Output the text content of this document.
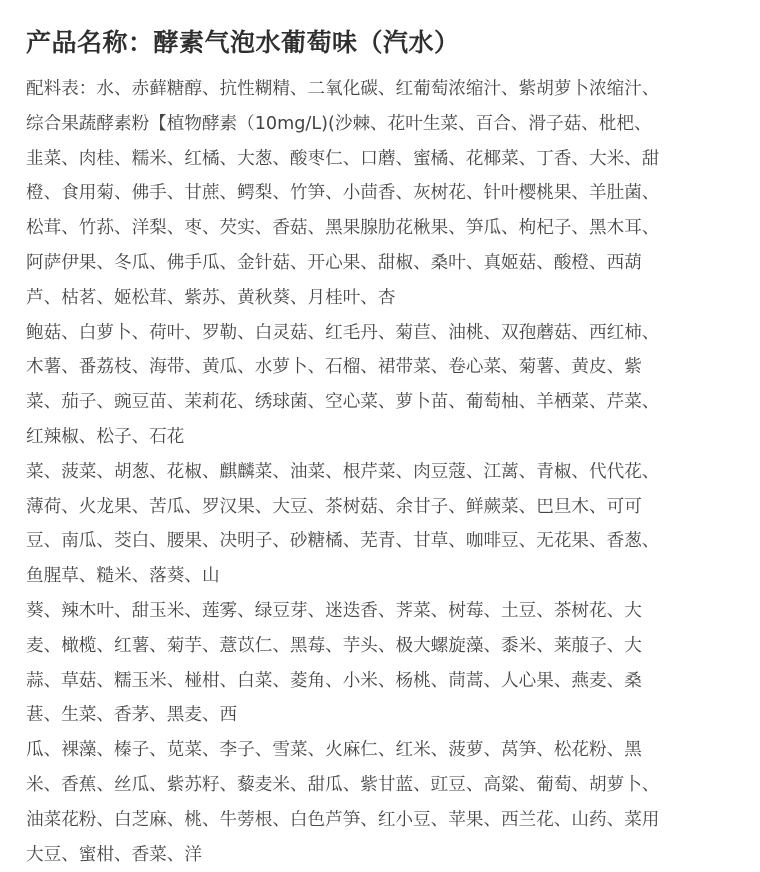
产品名称：酵素气泡水葡萄味（汽水）

配料表：水、赤藓糖醇、抗性糊精、二氧化碳、红葡萄浓缩汁、紫胡萝卜浓缩汁、
综合果蔬酵素粉【植物酵素（10mg/L)(沙棘、花叶生菜、百合、滑子菇、枇杷、
韭菜、肉桂、糯米、红橘、大葱、酸枣仁、口蘑、蜜橘、花椰菜、丁香、大米、甜
橙、食用菊、佛手、甘蔗、鳄梨、竹笋、小茴香、灰树花、针叶樱桃果、羊肚菌、
松茸、竹荪、洋梨、枣、芡实、香菇、黑果腺肋花楸果、笋瓜、枸杞子、黑木耳、
阿萨伊果、冬瓜、佛手瓜、金针菇、开心果、甜椒、桑叶、真姬菇、酸橙、西葫
芦、枯茗、姬松茸、紫苏、黄秋葵、月桂叶、杏

鲍菇、白萝卜、荷叶、罗勒、白灵菇、红毛丹、菊苣、油桃、双孢蘑菇、西红柿、
木薯、番荔枝、海带、黄瓜、水萝卜、石榴、裙带菜、卷心菜、菊薯、黄皮、紫
菜、茄子、豌豆苗、茉莉花、绣球菌、空心菜、萝卜苗、葡萄柚、羊栖菜、芹菜、
红辣椒、松子、石花

菜、菠菜、胡葱、花椒、麒麟菜、油菜、根芹菜、肉豆蔻、江蓠、青椒、代代花、
薄荷、火龙果、苦瓜、罗汉果、大豆、茶树菇、余甘子、鲜蕨菜、巴旦木、可可
豆、南瓜、茭白、腰果、决明子、砂糖橘、芜青、甘草、咖啡豆、无花果、香葱、
鱼腥草、糙米、落葵、山

葵、辣木叶、甜玉米、莲雾、绿豆芽、迷迭香、荠菜、树莓、土豆、茶树花、大
麦、橄榄、红薯、菊芋、薏苡仁、黑莓、芋头、极大螺旋藻、黍米、莱菔子、大
蒜、草菇、糯玉米、椪柑、白菜、菱角、小米、杨桃、茼蒿、人心果、燕麦、桑
葚、生菜、香茅、黑麦、西

瓜、裸藻、榛子、苋菜、李子、雪菜、火麻仁、红米、菠萝、莴笋、松花粉、黑
米、香蕉、丝瓜、紫苏籽、藜麦米、甜瓜、紫甘蓝、豇豆、高粱、葡萄、胡萝卜、
油菜花粉、白芝麻、桃、牛蒡根、白色芦笋、红小豆、苹果、西兰花、山药、菜用
大豆、蜜柑、香菜、洋
